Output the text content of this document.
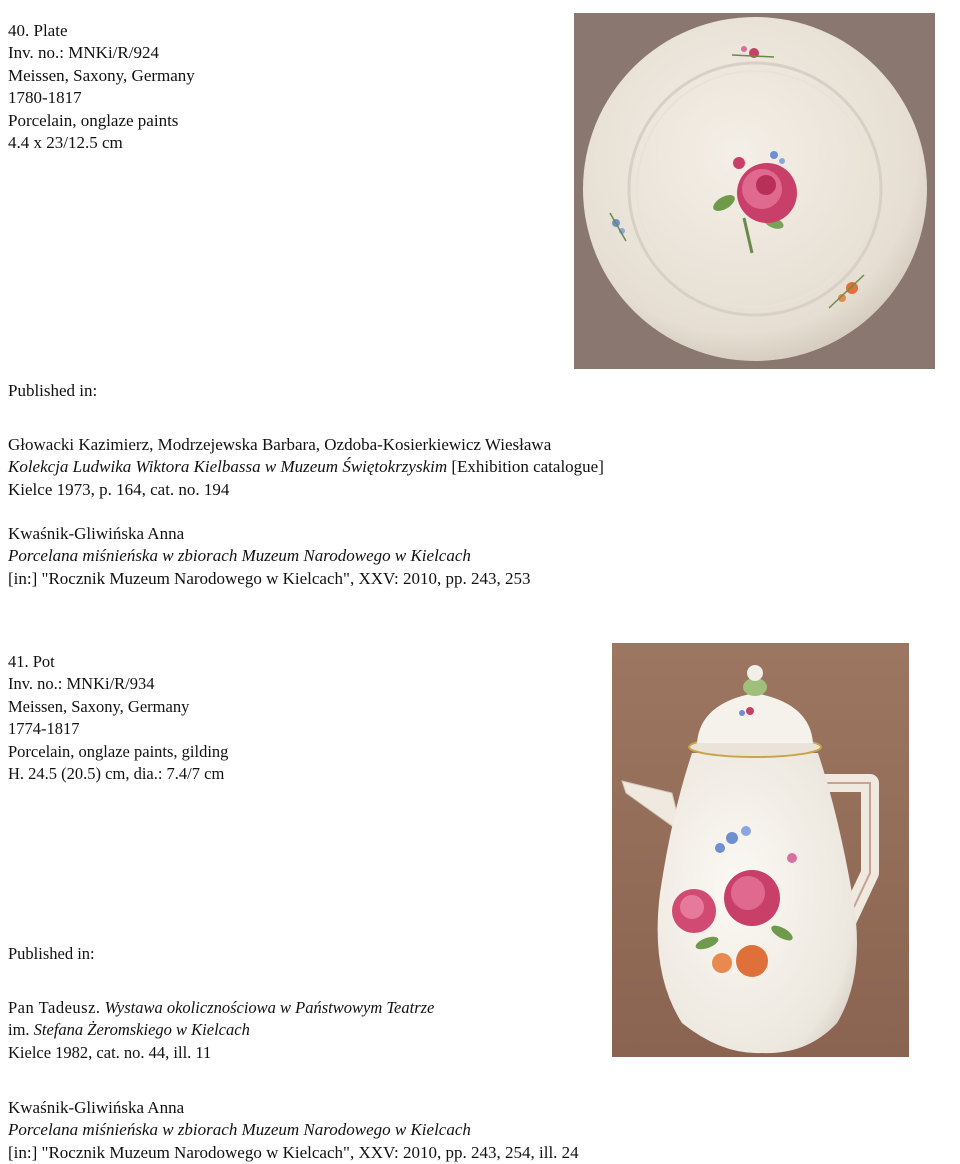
40. Plate
Inv. no.: MNKi/R/924
Meissen, Saxony, Germany
1780-1817
Porcelain, onglaze paints
4.4 x 23/12.5 cm
Published in:
Głowacki Kazimierz, Modrzejewska Barbara, Ozdoba-Kosierkiewicz Wiesława
Kolekcja Ludwika Wiktora Kielbassa w Muzeum Świętokrzyskim [Exhibition catalogue]
Kielce 1973, p. 164, cat. no. 194
Kwaśnik-Gliwińska Anna
Porcelana miśnieńska w zbiorach Muzeum Narodowego w Kielcach
[in:] "Rocznik Muzeum Narodowego w Kielcach", XXV: 2010, pp. 243, 253
41. Pot
Inv. no.: MNKi/R/934
Meissen, Saxony, Germany
1774-1817
Porcelain, onglaze paints, gilding
H. 24.5 (20.5) cm, dia.: 7.4/7 cm
Published in:
Pan Tadeusz. Wystawa okolicznościowa w Państwowym Teatrze
im. Stefana Żeromskiego w Kielcach
Kielce 1982, cat. no. 44, ill. 11
Kwaśnik-Gliwińska Anna
Porcelana miśnieńska w zbiorach Muzeum Narodowego w Kielcach
[in:] "Rocznik Muzeum Narodowego w Kielcach", XXV: 2010, pp. 243, 254, ill. 24
